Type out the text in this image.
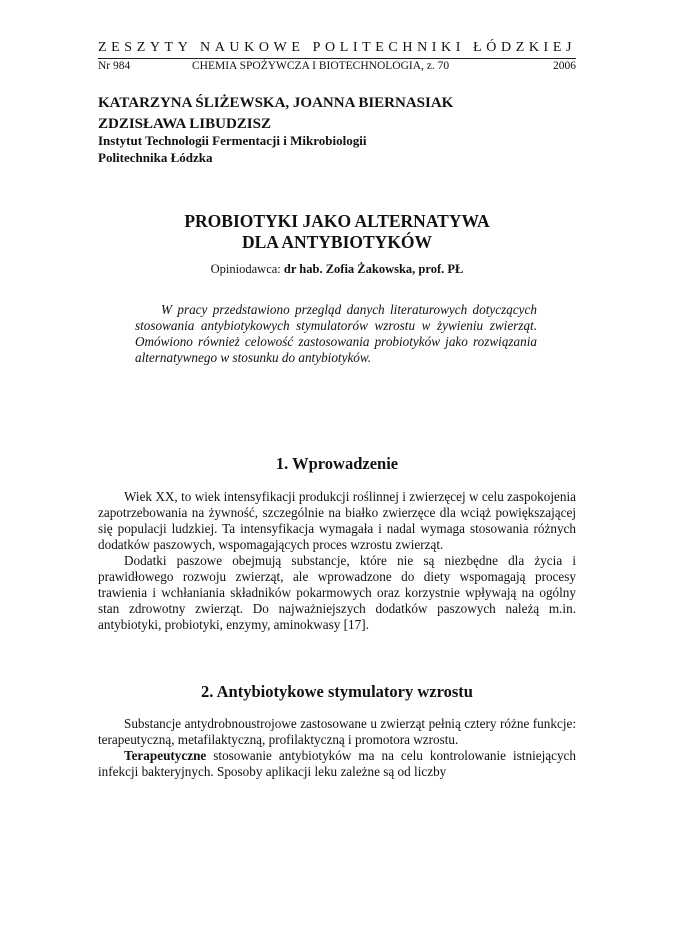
ZESZYTY NAUKOWE POLITECHNIKI ŁÓDZKIEJ
Nr 984	CHEMIA SPOŻYWCZA I BIOTECHNOLOGIA, z. 70	2006
KATARZYNA ŚLIŻEWSKA, JOANNA BIERNASIAK
ZDZISŁAWA LIBUDZISZ
Instytut Technologii Fermentacji i Mikrobiologii
Politechnika Łódzka
PROBIOTYKI JAKO ALTERNATYWA
DLA ANTYBIOTYKÓW
Opiniodawca: dr hab. Zofia Żakowska, prof. PŁ

W pracy przedstawiono przegląd danych literaturowych dotyczących stosowania antybiotykowych stymulatorów wzrostu w żywieniu zwierząt. Omówiono również celowość zastosowania probiotyków jako rozwiązania alternatywnego w stosunku do antybiotyków.

1. Wprowadzenie

Wiek XX, to wiek intensyfikacji produkcji roślinnej i zwierzęcej w celu zaspokojenia zapotrzebowania na żywność, szczególnie na białko zwierzęce dla wciąż powiększającej się populacji ludzkiej. Ta intensyfikacja wymagała i nadal wymaga stosowania różnych dodatków paszowych, wspomagających proces wzrostu zwierząt.

Dodatki paszowe obejmują substancje, które nie są niezbędne dla życia i prawidłowego rozwoju zwierząt, ale wprowadzone do diety wspomagają procesy trawienia i wchłaniania składników pokarmowych oraz korzystnie wpływają na ogólny stan zdrowotny zwierząt. Do najważniejszych dodatków paszowych należą m.in. antybiotyki, probiotyki, enzymy, aminokwasy [17].

2. Antybiotykowe stymulatory wzrostu

Substancje antydrobnoustrojowe zastosowane u zwierząt pełnią cztery różne funkcje: terapeutyczną, metafilaktyczną, profilaktyczną i promotora wzrostu.

Terapeutyczne stosowanie antybiotyków ma na celu kontrolowanie istniejących infekcji bakteryjnych. Sposoby aplikacji leku zależne są od liczby
